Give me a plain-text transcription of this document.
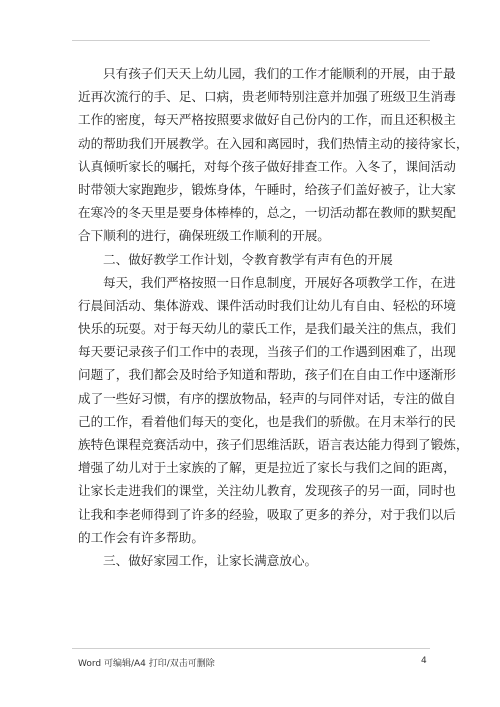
只有孩子们天天上幼儿园，我们的工作才能顺利的开展，由于最
近再次流行的手、足、口病，贵老师特别注意并加强了班级卫生消毒
工作的密度，每天严格按照要求做好自己份内的工作，而且还积极主
动的帮助我们开展教学。在入园和离园时，我们热情主动的接待家长，
认真倾听家长的嘱托，对每个孩子做好排查工作。入冬了，课间活动
时带领大家跑跑步，锻炼身体，午睡时，给孩子们盖好被子，让大家
在寒冷的冬天里是要身体棒棒的，总之，一切活动都在教师的默契配
合下顺利的进行，确保班级工作顺利的开展。
二、做好教学工作计划，令教育教学有声有色的开展
每天，我们严格按照一日作息制度，开展好各项教学工作，在进
行晨间活动、集体游戏、课件活动时我们让幼儿有自由、轻松的环境
快乐的玩耍。对于每天幼儿的蒙氏工作，是我们最关注的焦点，我们
每天要记录孩子们工作中的表现，当孩子们的工作遇到困难了，出现
问题了，我们都会及时给予知道和帮助，孩子们在自由工作中逐渐形
成了一些好习惯，有序的摆放物品，轻声的与同伴对话，专注的做自
己的工作，看着他们每天的变化，也是我们的骄傲。在月末举行的民
族特色课程竞赛活动中，孩子们思维活跃，语言表达能力得到了锻炼，
增强了幼儿对于土家族的了解，更是拉近了家长与我们之间的距离，
让家长走进我们的课堂，关注幼儿教育，发现孩子的另一面，同时也
让我和李老师得到了许多的经验，吸取了更多的养分，对于我们以后
的工作会有许多帮助。
三、做好家园工作，让家长满意放心。
Word 可编辑/A4 打印/双击可删除	4
